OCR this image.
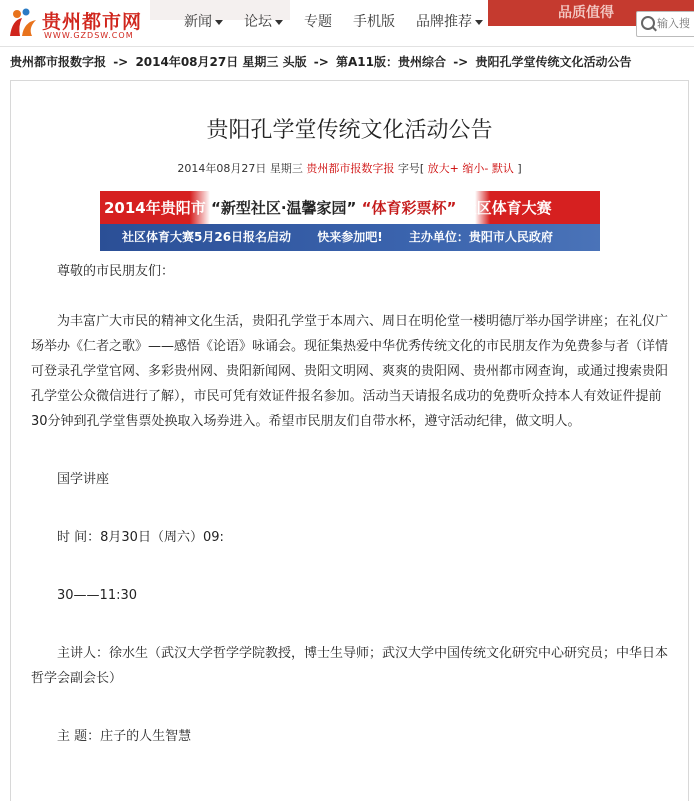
贵州都市网
WWW.GZDSW.COM
品质值得
新闻	论坛	专题 手机版 品牌推荐
输入搜
贵州都市报数字报 -> 2014年08月27日 星期三 头版 -> 第A11版：贵州综合 -> 贵阳孔学堂传统文化活动公告
贵阳孔学堂传统文化活动公告
2014年08月27日 星期三 贵州都市报数字报 字号[ 放大+ 缩小- 默认 ]
2014年贵阳市 “新型社区·温馨家园” “体育彩票杯” 社区体育大赛
社区体育大赛5月26日报名启动 快来参加吧! 主办单位：贵阳市人民政府

尊敬的市民朋友们：

为丰富广大市民的精神文化生活，贵阳孔学堂于本周六、周日在明伦堂一楼明德厅举办国学讲座；在礼仪广场举办《仁者之歌》——感悟《论语》咏诵会。现征集热爱中华优秀传统文化的市民朋友作为免费参与者（详情可登录孔学堂官网、多彩贵州网、贵阳新闻网、贵阳文明网、爽爽的贵阳网、贵州都市网查询，或通过搜索贵阳孔学堂公众微信进行了解），市民可凭有效证件报名参加。活动当天请报名成功的免费听众持本人有效证件提前30分钟到孔学堂售票处换取入场券进入。希望市民朋友们自带水杯，遵守活动纪律，做文明人。

国学讲座

时 间：8月30日（周六）09:

30——11:30

主讲人：徐水生（武汉大学哲学学院教授，博士生导师；武汉大学中国传统文化研究中心研究员；中华日本哲学会副会长）

主 题：庄子的人生智慧
